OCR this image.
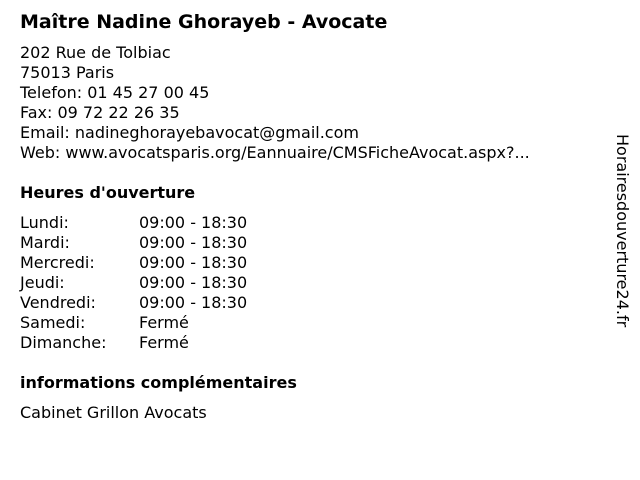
Maître Nadine Ghorayeb - Avocate
202 Rue de Tolbiac
75013 Paris
Telefon: 01 45 27 00 45
Fax: 09 72 22 26 35
Email: nadineghorayebavocat@gmail.com
Web: www.avocatsparis.org/Eannuaire/CMSFicheAvocat.aspx?...
Heures d'ouverture
Lundi:	09:00 - 18:30
Mardi:	09:00 - 18:30
Mercredi:	09:00 - 18:30
Jeudi:	09:00 - 18:30
Vendredi:	09:00 - 18:30
Samedi:	Fermé
Dimanche: Fermé
informations complémentaires
Cabinet Grillon Avocats
Horairesdouverture24.fr
